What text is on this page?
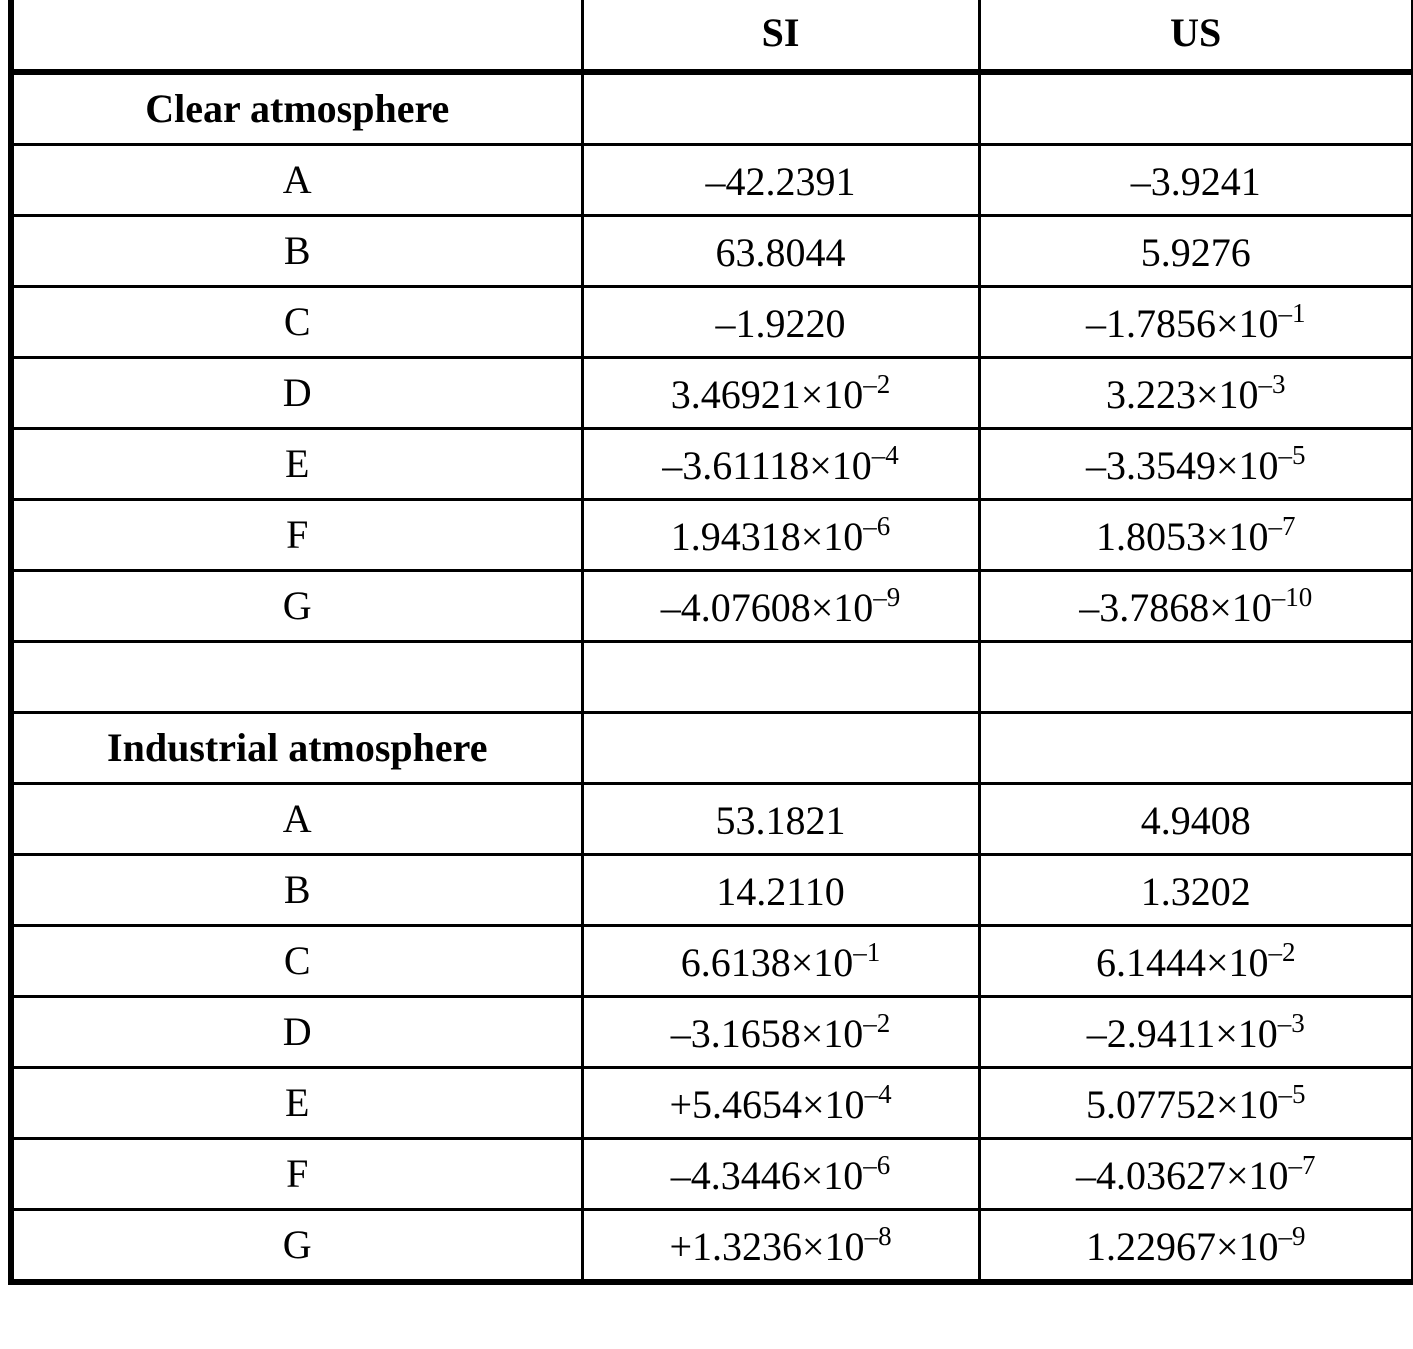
	SI	US
Clear atmosphere		
A	–42.2391	–3.9241
B	63.8044	5.9276
C	–1.9220	$-1.7856\times 10^{-1}$
D	$3.46921\times 10^{-2}$	$3.223\times 10^{-3}$
E	$-3.61118\times 10^{-4}$	$-3.3549\times 10^{-5}$
F	$1.94318\times 10^{-6}$	$1.8053\times 10^{-7}$
G	$-4.07608\times 10^{-9}$	$-3.7868\times 10^{-10}$

Industrial atmosphere		
A	53.1821	4.9408
B	14.2110	1.3202
C	$6.6138\times 10^{-1}$	$6.1444\times 10^{-2}$
D	$-3.1658\times 10^{-2}$	$-2.9411\times 10^{-3}$
E	$+5.4654\times 10^{-4}$	$5.07752\times 10^{-5}$
F	$-4.3446\times 10^{-6}$	$-4.03627\times 10^{-7}$
G	$+1.3236\times 10^{-8}$	$1.22967\times 10^{-9}$
